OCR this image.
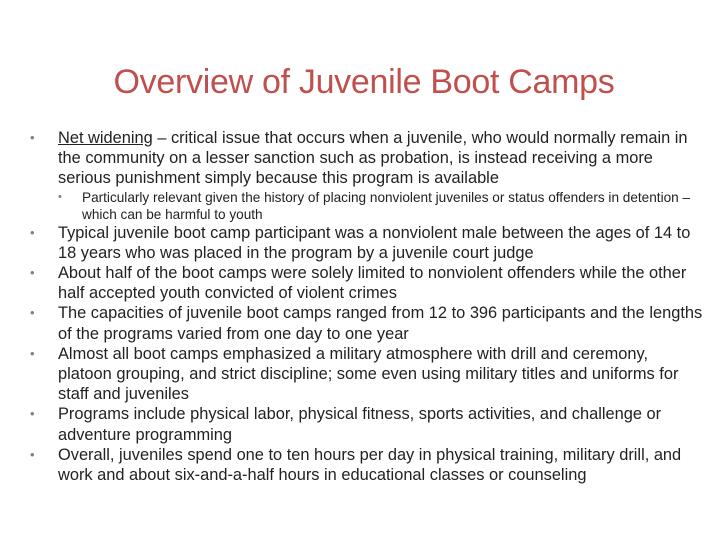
Overview of Juvenile Boot Camps
• Net widening – critical issue that occurs when a juvenile, who would normally remain in the community on a lesser sanction such as probation, is instead receiving a more serious punishment simply because this program is available
• Particularly relevant given the history of placing nonviolent juveniles or status offenders in detention – which can be harmful to youth
• Typical juvenile boot camp participant was a nonviolent male between the ages of 14 to 18 years who was placed in the program by a juvenile court judge
• About half of the boot camps were solely limited to nonviolent offenders while the other half accepted youth convicted of violent crimes
• The capacities of juvenile boot camps ranged from 12 to 396 participants and the lengths of the programs varied from one day to one year
• Almost all boot camps emphasized a military atmosphere with drill and ceremony, platoon grouping, and strict discipline; some even using military titles and uniforms for staff and juveniles
• Programs include physical labor, physical fitness, sports activities, and challenge or adventure programming
• Overall, juveniles spend one to ten hours per day in physical training, military drill, and work and about six-and-a-half hours in educational classes or counseling
